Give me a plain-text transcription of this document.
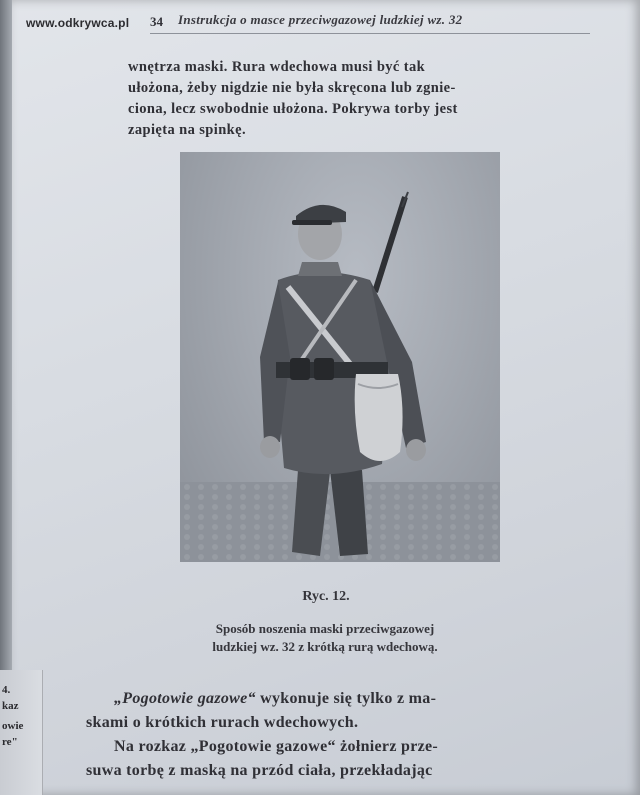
4.
kaz
owie
re"
www.odkrywca.pl 34 Instrukcja o masce przeciwgazowej ludzkiej wz. 32
wnętrza maski. Rura wdechowa musi być tak
ułożona, żeby nigdzie nie była skręcona lub zgnie-
ciona, lecz swobodnie ułożona. Pokrywa torby jest
zapięta na spinkę.
Ryc. 12.
Sposób noszenia maski przeciwgazowej
ludzkiej wz. 32 z krótką rurą wdechową.
„Pogotowie gazowe“ wykonuje się tylko z ma-
skami o krótkich rurach wdechowych.
Na rozkaz „Pogotowie gazowe“ żołnierz prze-
suwa torbę z maską na przód ciała, przekładając
